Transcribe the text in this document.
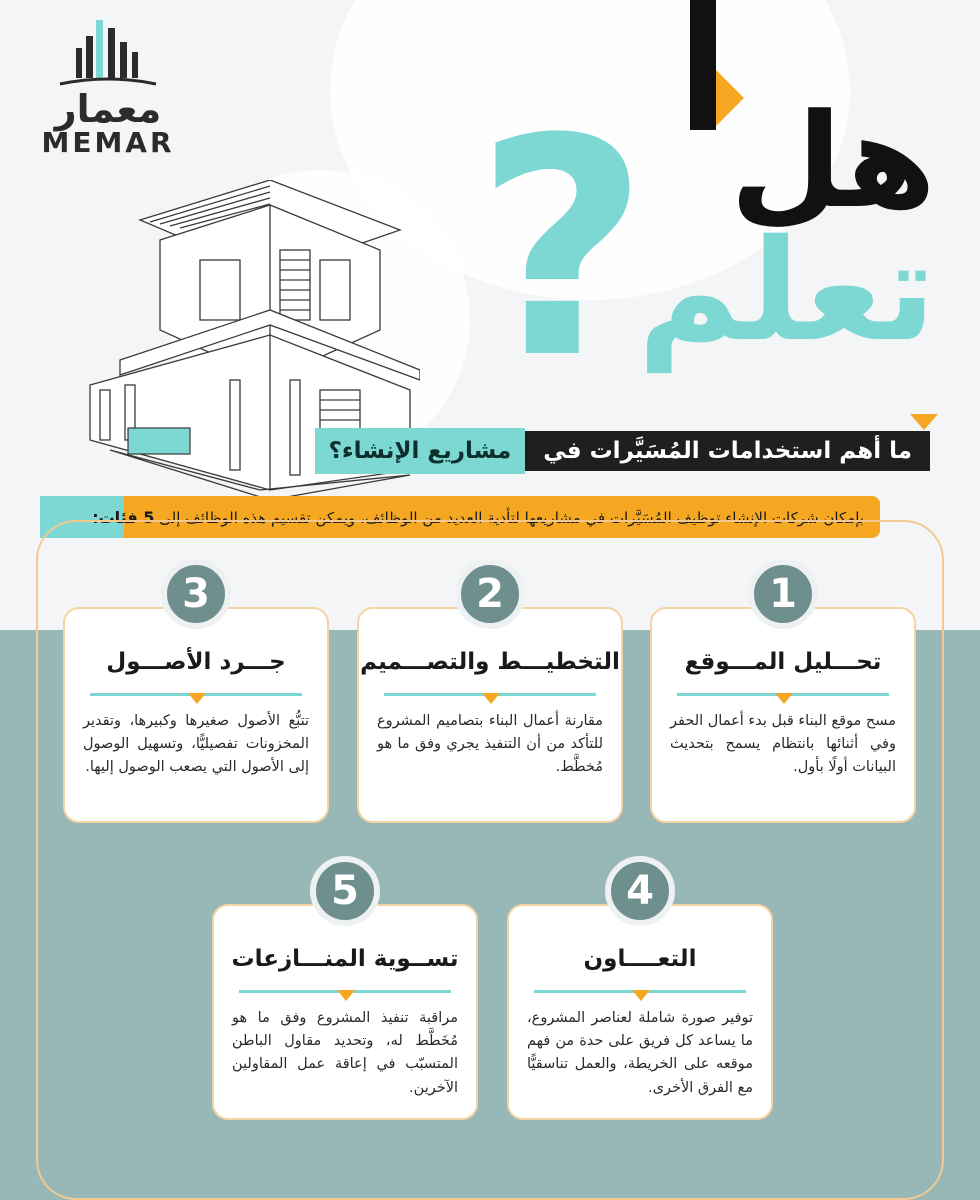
معمار
MEMAR ؟ هل
تعلم
ما أهم استخدامات المُسَيَّرات في
مشاريع الإنشاء؟
بإمكان شركات الإنشاء توظيف المُسَيَّرات في مشاريعها لتأدية العديد من الوظائف، ويمكن تقسيم هذه الوظائف إلى 5 فئات:
1
تحـــليل المـــوقع
مسح موقع البناء قبل بدء أعمال الحفر وفي أثنائها بانتظام يسمح بتحديث البيانات أولًا بأول.
2
التخطيـــط والتصـــميم
مقارنة أعمال البناء بتصاميم المشروع للتأكد من أن التنفيذ يجري وفق ما هو مُخطَّط.
3
جـــرد الأصـــول
تتبُّع الأصول صغيرها وكبيرها، وتقدير المخزونات تفصيليًّا، وتسهيل الوصول إلى الأصول التي يصعب الوصول إليها.
4
التعــــاون
توفير صورة شاملة لعناصر المشروع، ما يساعد كل فريق على حدة من فهم موقعه على الخريطة، والعمل تناسقيًّا مع الفرق الأخرى.
5
تســوية المنـــازعات
مراقبة تنفيذ المشروع وفق ما هو مُخَطَّط له، وتحديد مقاول الباطن المتسبّب في إعاقة عمل المقاولين الآخرين.
